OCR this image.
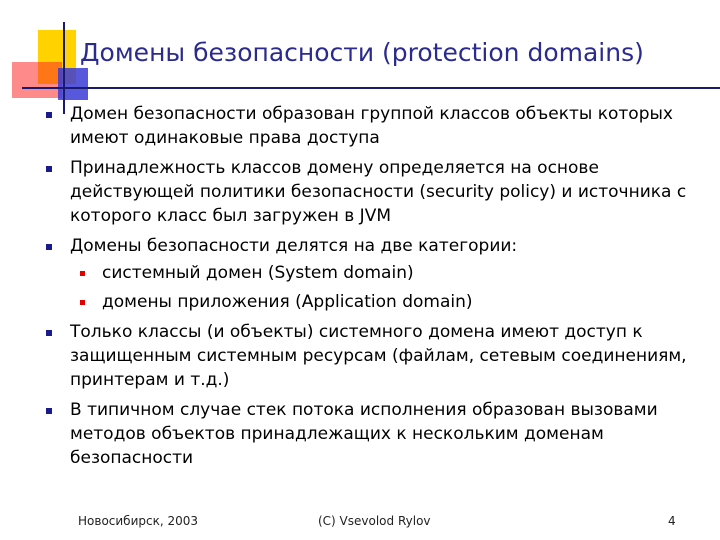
Домены безопасности (protection domains)
Домен безопасности образован группой классов объекты которых имеют одинаковые права доступа
Принадлежность классов домену определяется на основе действующей политики безопасности (security policy) и источника с которого класс был загружен в JVM
Домены безопасности делятся на две категории:
системный домен (System domain)
домены приложения (Application domain)
Только классы (и объекты) системного домена имеют доступ к защищенным системным ресурсам (файлам, сетевым соединениям, принтерам и т.д.)
В типичном случае стек потока исполнения образован вызовами методов объектов принадлежащих к нескольким доменам безопасности
Новосибирск, 2003	(C) Vsevolod Rylov	4
